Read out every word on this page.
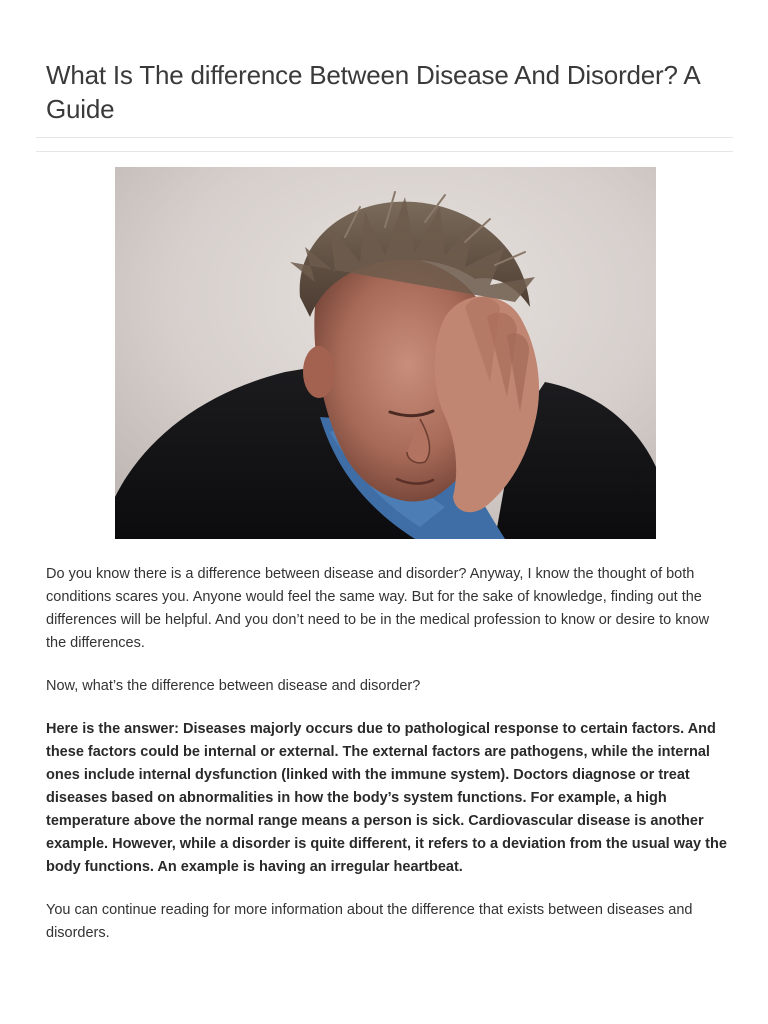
What Is The difference Between Disease And Disorder? A Guide

Do you know there is a difference between disease and disorder? Anyway, I know the thought of both conditions scares you. Anyone would feel the same way. But for the sake of knowledge, finding out the differences will be helpful. And you don’t need to be in the medical profession to know or desire to know the differences.

Now, what’s the difference between disease and disorder?

Here is the answer: Diseases majorly occurs due to pathological response to certain factors. And these factors could be internal or external. The external factors are pathogens, while the internal ones include internal dysfunction (linked with the immune system). Doctors diagnose or treat diseases based on abnormalities in how the body’s system functions. For example, a high temperature above the normal range means a person is sick. Cardiovascular disease is another example. However, while a disorder is quite different, it refers to a deviation from the usual way the body functions. An example is having an irregular heartbeat.

You can continue reading for more information about the difference that exists between diseases and disorders.
